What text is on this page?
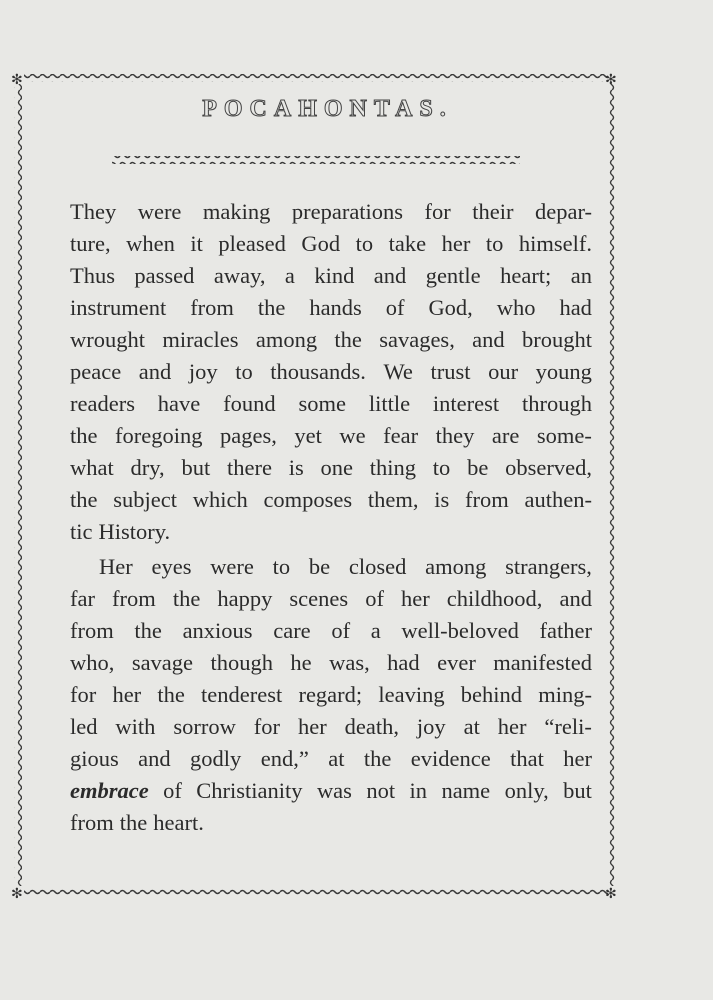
✻	✻
✻	✻
POCAHONTAS.
They were making preparations for their depar-
ture, when it pleased God to take her to himself.
Thus passed away, a kind and gentle heart; an
instrument from the hands of God, who had
wrought miracles among the savages, and brought
peace and joy to thousands. We trust our young
readers have found some little interest through
the foregoing pages, yet we fear they are some-
what dry, but there is one thing to be observed,
the subject which composes them, is from authen-
tic History.
Her eyes were to be closed among strangers,
far from the happy scenes of her childhood, and
from the anxious care of a well-beloved father
who, savage though he was, had ever manifested
for her the tenderest regard; leaving behind ming-
led with sorrow for her death, joy at her “reli-
gious and godly end,” at the evidence that her
embrace of Christianity was not in name only, but
from the heart.
